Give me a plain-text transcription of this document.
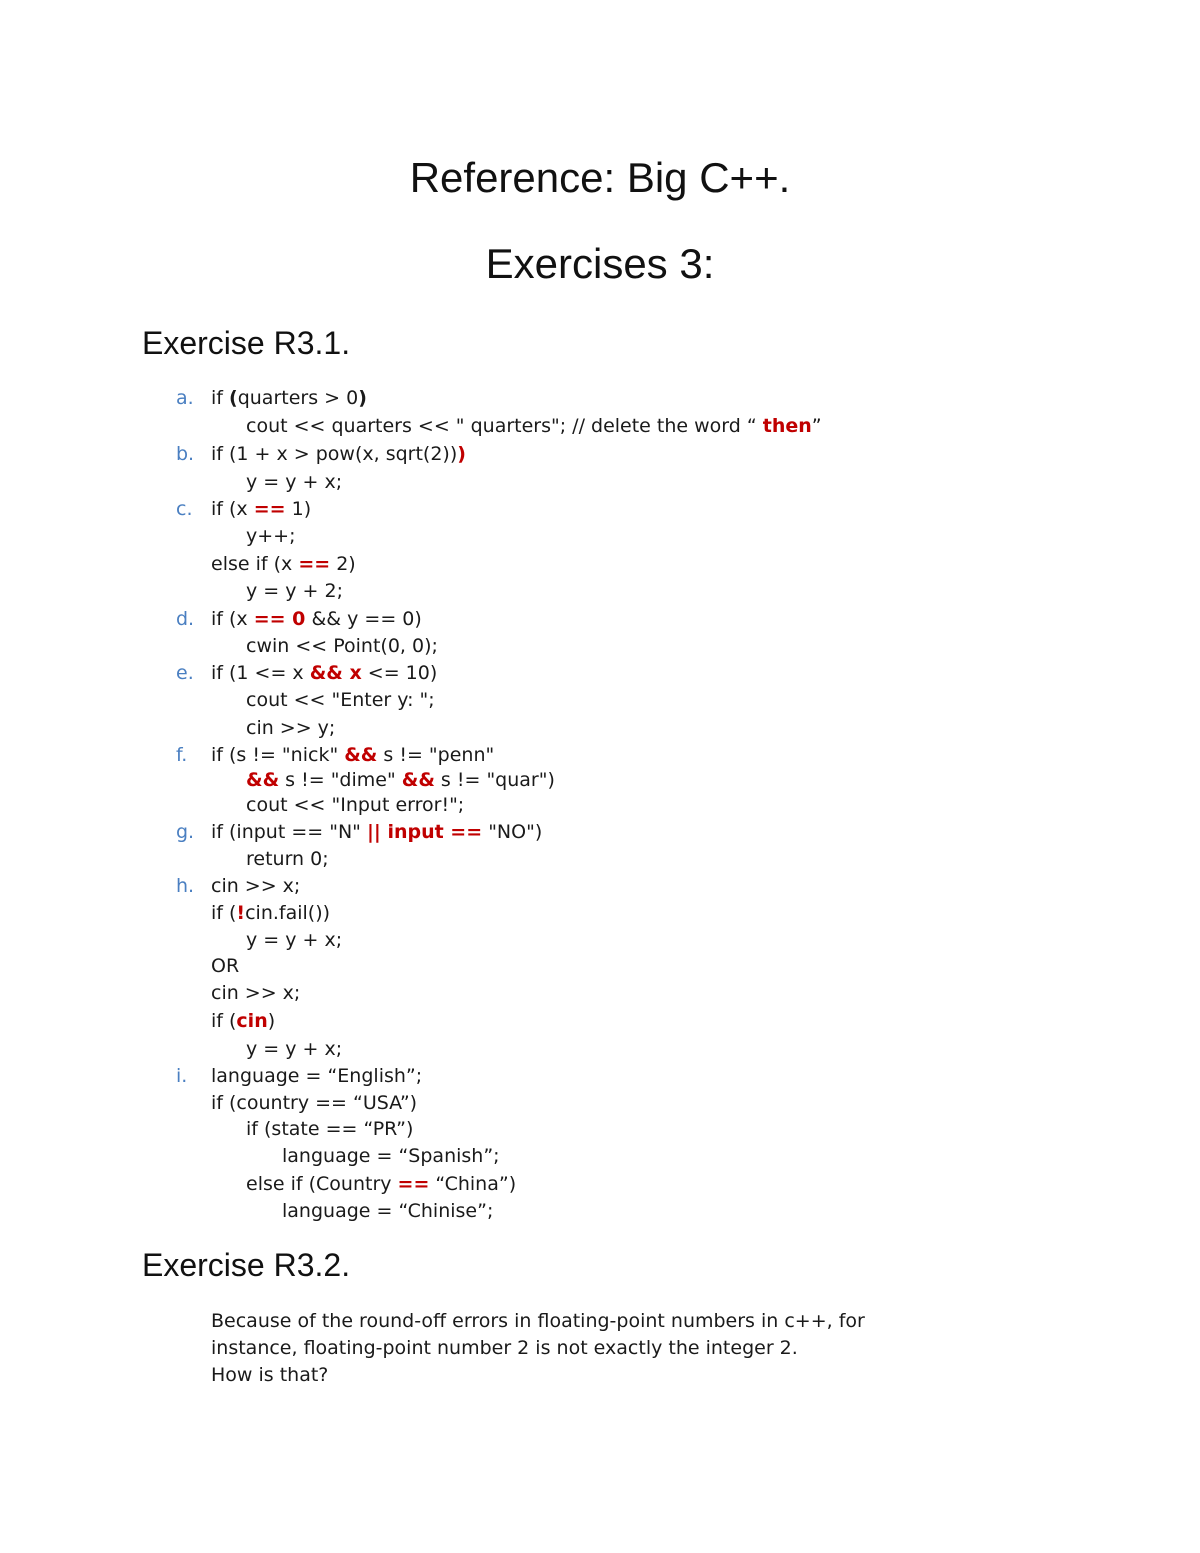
Reference: Big C++.
Exercises 3:
Exercise R3.1.
a. if (quarters > 0)
cout << quarters << " quarters"; // delete the word “ then”
b. if (1 + x > pow(x, sqrt(2)))
y = y + x;
c. if (x == 1)
y++;
else if (x == 2)
y = y + 2;
d. if (x == 0 && y == 0)
cwin << Point(0, 0);
e. if (1 <= x && x <= 10)
cout << "Enter y: ";
cin >> y;
f. if (s != "nick" && s != "penn"
&& s != "dime" && s != "quar")
cout << "Input error!";
g. if (input == "N" || input == "NO")
return 0;
h. cin >> x;
if (!cin.fail())
y = y + x;
OR
cin >> x;
if (cin)
y = y + x;
i. language = “English”;
if (country == “USA”)
if (state == “PR”)
language = “Spanish”;
else if (Country == “China”)
language = “Chinise”;
Exercise R3.2.
Because of the round-off errors in floating-point numbers in c++, for
instance, floating-point number 2 is not exactly the integer 2.
How is that?
